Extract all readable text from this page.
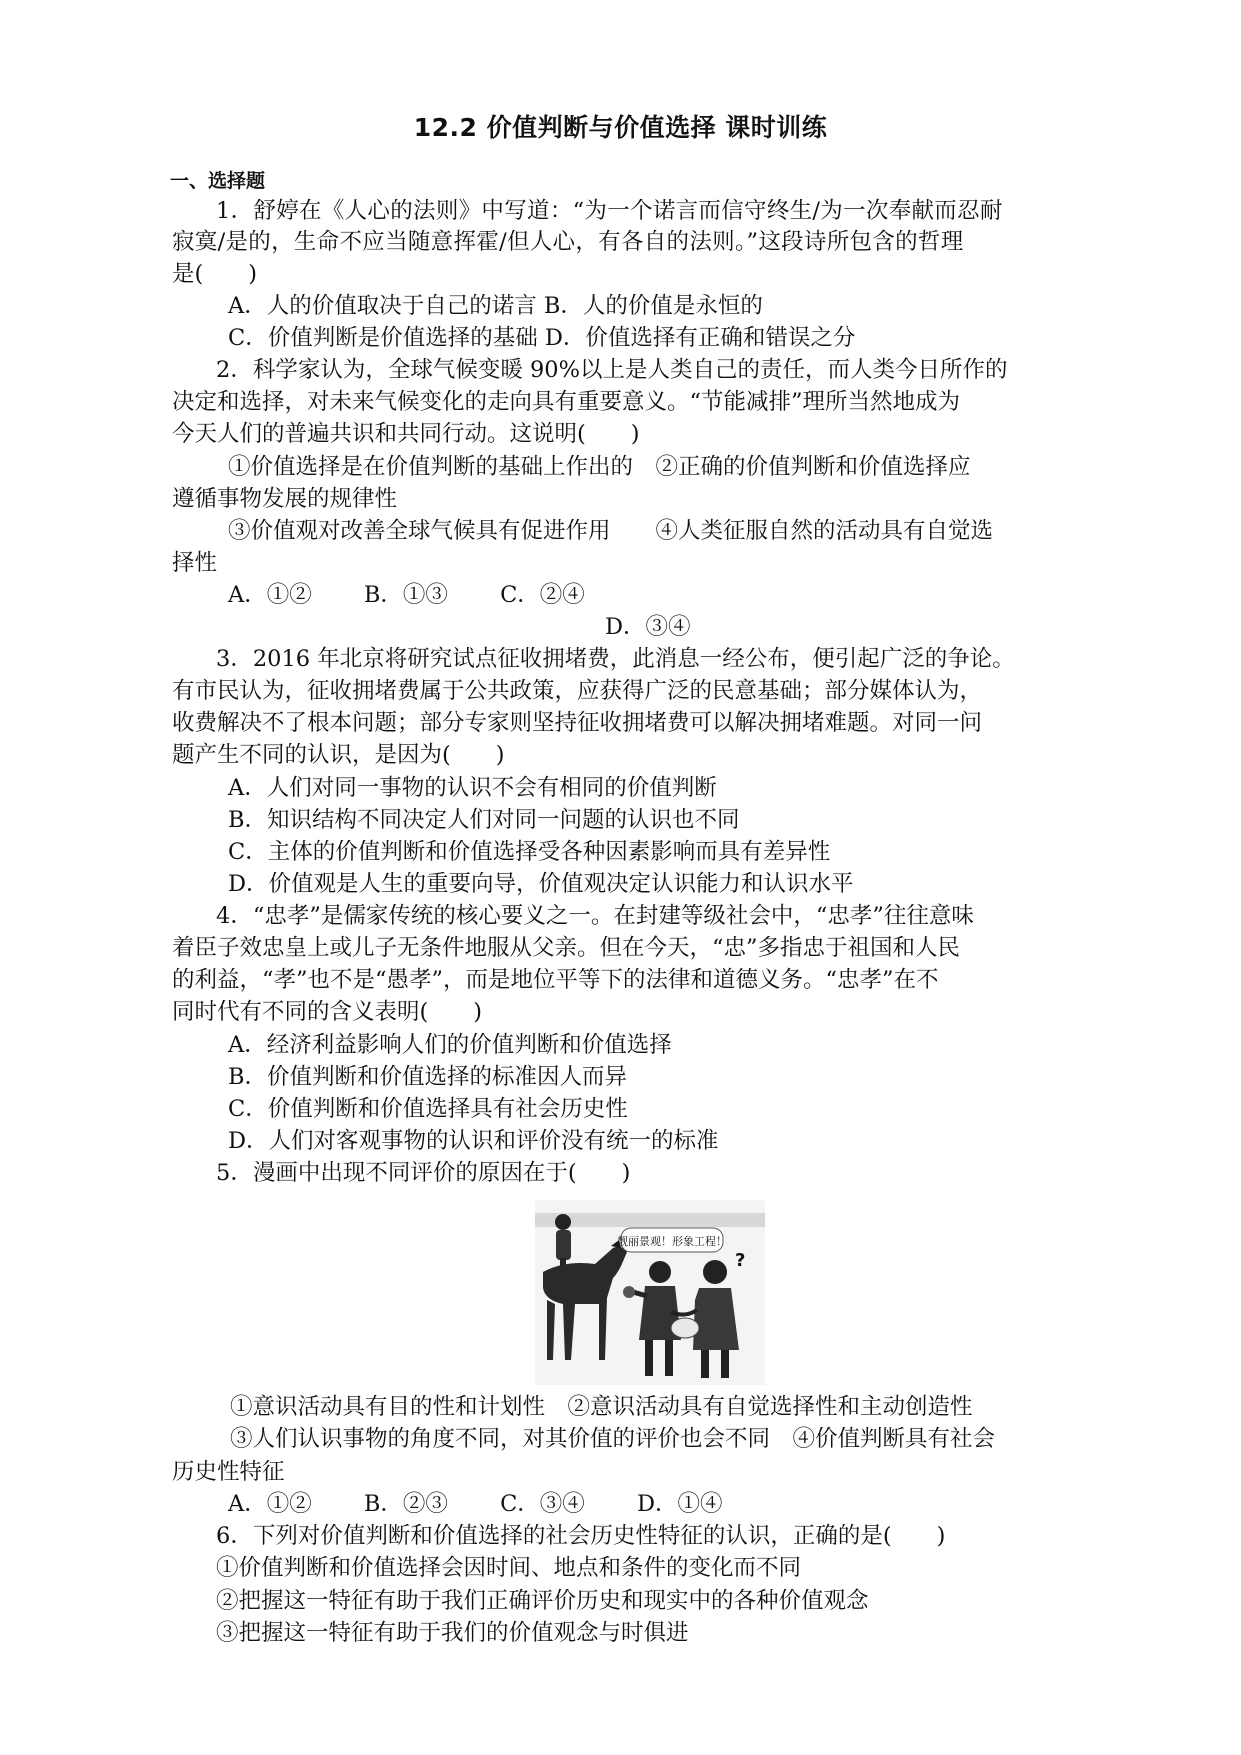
12.2 价值判断与价值选择 课时训练
一、选择题
1．舒婷在《人心的法则》中写道：“为一个诺言而信守终生/为一次奉献而忍耐
寂寞/是的，生命不应当随意挥霍/但人心，有各自的法则。”这段诗所包含的哲理
是(　　)
A．人的价值取决于自己的诺言 B．人的价值是永恒的
C．价值判断是价值选择的基础 D．价值选择有正确和错误之分
2．科学家认为，全球气候变暖 90%以上是人类自己的责任，而人类今日所作的
决定和选择，对未来气候变化的走向具有重要意义。“节能减排”理所当然地成为
今天人们的普遍共识和共同行动。这说明(　　)
①价值选择是在价值判断的基础上作出的　②正确的价值判断和价值选择应
遵循事物发展的规律性
③价值观对改善全球气候具有促进作用　　④人类征服自然的活动具有自觉选
择性
A．①②　　 B．①③　　 C．②④
D．③④
3．2016 年北京将研究试点征收拥堵费，此消息一经公布，便引起广泛的争论。
有市民认为，征收拥堵费属于公共政策，应获得广泛的民意基础；部分媒体认为，
收费解决不了根本问题；部分专家则坚持征收拥堵费可以解决拥堵难题。对同一问
题产生不同的认识，是因为(　　)
A．人们对同一事物的认识不会有相同的价值判断
B．知识结构不同决定人们对同一问题的认识也不同
C．主体的价值判断和价值选择受各种因素影响而具有差异性
D．价值观是人生的重要向导，价值观决定认识能力和认识水平
4．“忠孝”是儒家传统的核心要义之一。在封建等级社会中，“忠孝”往往意味
着臣子效忠皇上或儿子无条件地服从父亲。但在今天，“忠”多指忠于祖国和人民
的利益，“孝”也不是“愚孝”，而是地位平等下的法律和道德义务。“忠孝”在不
同时代有不同的含义表明(　　)
A．经济利益影响人们的价值判断和价值选择
B．价值判断和价值选择的标准因人而异
C．价值判断和价值选择具有社会历史性
D．人们对客观事物的认识和评价没有统一的标准
5．漫画中出现不同评价的原因在于(　　)
靓丽景观！形象工程！
?
①意识活动具有目的性和计划性　②意识活动具有自觉选择性和主动创造性
③人们认识事物的角度不同，对其价值的评价也会不同　④价值判断具有社会
历史性特征
A．①②　　 B．②③　　 C．③④　　 D．①④
6．下列对价值判断和价值选择的社会历史性特征的认识，正确的是(　　)
①价值判断和价值选择会因时间、地点和条件的变化而不同
②把握这一特征有助于我们正确评价历史和现实中的各种价值观念
③把握这一特征有助于我们的价值观念与时俱进
